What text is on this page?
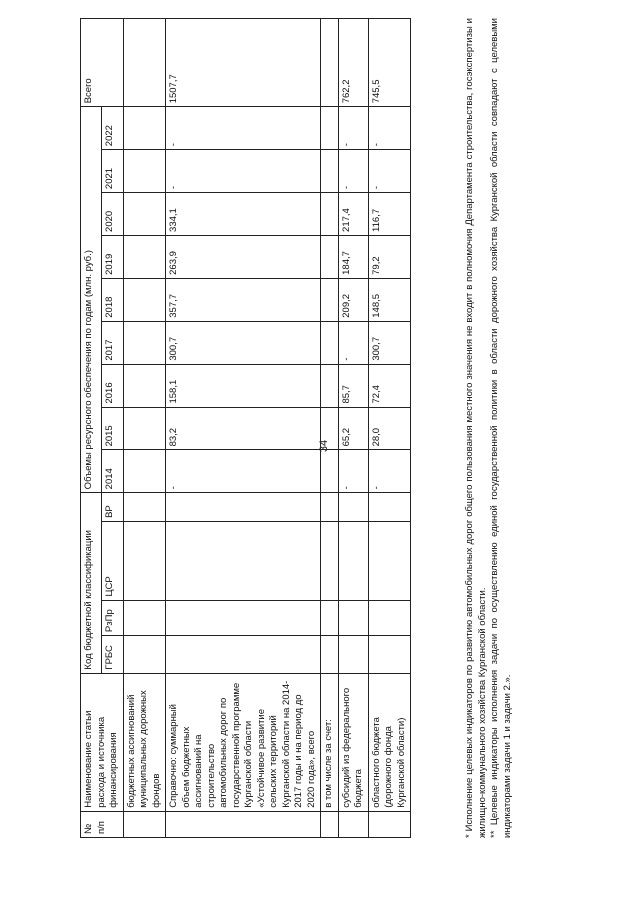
34
№ п/п	Наименование статьи расхода и источника финансирования	Код бюджетной классификации				Объемы ресурсного обеспечения по годам (млн. руб.)									Всего
		ГРБС	РзПр	ЦСР	ВР	2014	2015	2016	2017	2018	2019	2020	2021	2022	
	бюджетных ассигнований муниципальных дорожных фондов														
	Справочно: суммарный объем бюджетных ассигнований на строительство автомобильных дорог по государственной программе Курганской области «Устойчивое развитие сельских территорий Курганской области на 2014-2017 годы и на период до 2020 года», всего					-	83,2	158,1	300,7	357,7	263,9	334,1	-	-	1507,7
	в том числе за счет:														
	субсидий из федерального бюджета					-	65,2	85,7	-	209,2	184,7	217,4	-	-	762,2
	областного бюджета (дорожного фонда Курганской области)					-	28,0	72,4	300,7	148,5	79,2	116,7	-	-	745,5	* Исполнение целевых индикаторов по развитию автомобильных дорог общего пользования местного значения не входит в полномочия Департамента строительства, госэкспертизы и жилищно-коммунального хозяйства Курганской области. ** Целевые индикаторы исполнения задачи по осуществлению единой государственной политики в области дорожного хозяйства Курганской области совпадают с целевыми индикаторами задачи 1 и задачи 2.».
